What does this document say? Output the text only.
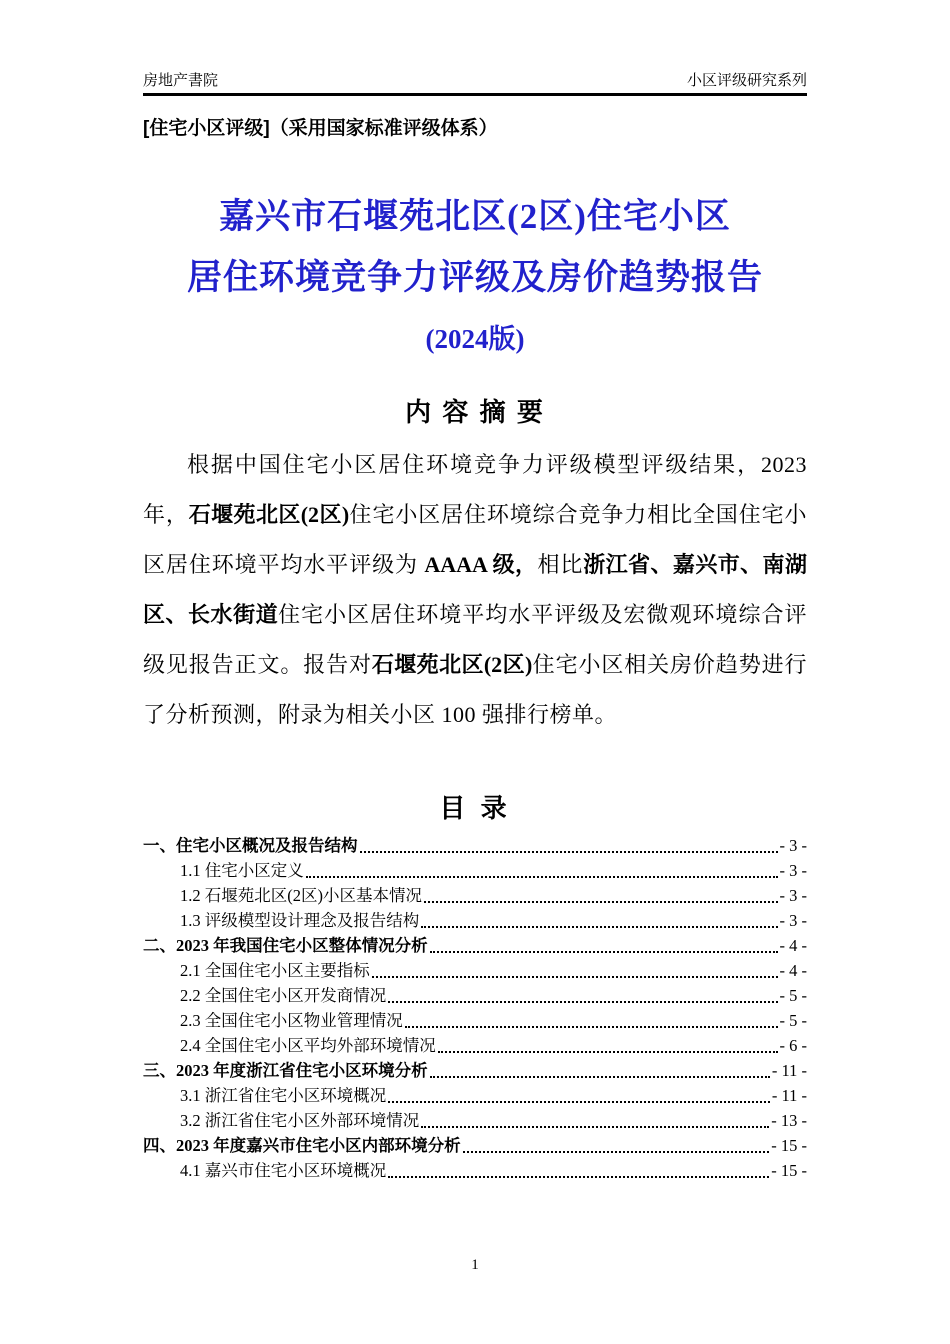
房地产書院	小区评级研究系列
[住宅小区评级]（采用国家标准评级体系）
嘉兴市石堰苑北区(2区)住宅小区
居住环境竞争力评级及房价趋势报告
(2024版)
内 容 摘 要

根据中国住宅小区居住环境竞争力评级模型评级结果，2023 年，石堰苑北区(2区)住宅小区居住环境综合竞争力相比全国住宅小区居住环境平均水平评级为 AAAA 级，相比浙江省、嘉兴市、南湖区、长水街道住宅小区居住环境平均水平评级及宏微观环境综合评级见报告正文。报告对石堰苑北区(2区)住宅小区相关房价趋势进行了分析预测，附录为相关小区 100 强排行榜单。

目 录
一、住宅小区概况及报告结构	- 3 -
1.1 住宅小区定义	- 3 -
1.2 石堰苑北区(2区)小区基本情况	- 3 -
1.3 评级模型设计理念及报告结构	- 3 -
二、2023 年我国住宅小区整体情况分析	- 4 -
2.1 全国住宅小区主要指标	- 4 -
2.2 全国住宅小区开发商情况	- 5 -
2.3 全国住宅小区物业管理情况	- 5 -
2.4 全国住宅小区平均外部环境情况	- 6 -
三、2023 年度浙江省住宅小区环境分析	- 11 -
3.1 浙江省住宅小区环境概况	- 11 -
3.2 浙江省住宅小区外部环境情况	- 13 -
四、2023 年度嘉兴市住宅小区内部环境分析	- 15 -
4.1 嘉兴市住宅小区环境概况	- 15 -
1
